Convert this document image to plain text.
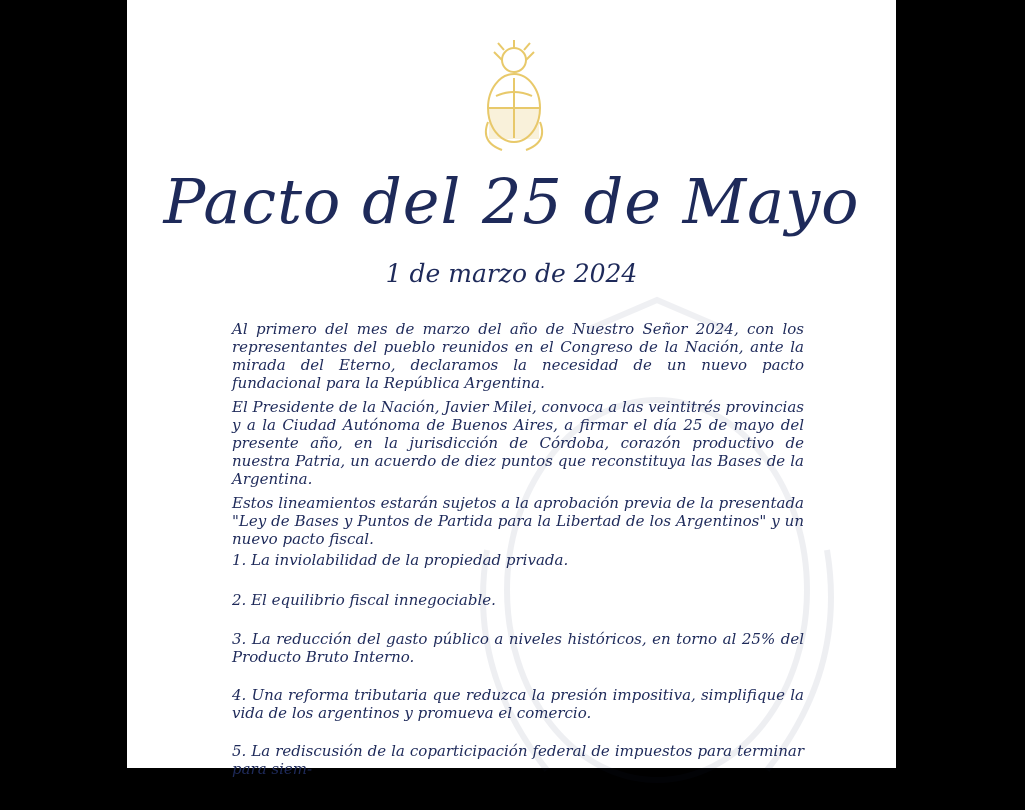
Pacto del 25 de Mayo
1 de marzo de 2024

Al primero del mes de marzo del año de Nuestro Señor 2024, con los representantes del pueblo reunidos en el Congreso de la Nación, ante la mirada del Eterno, declaramos la necesidad de un nuevo pacto fundacional para la República Argentina.

El Presidente de la Nación, Javier Milei, convoca a las veintitrés provincias y a la Ciudad Autónoma de Buenos Aires, a firmar el día 25 de mayo del presente año, en la jurisdicción de Córdoba, corazón productivo de nuestra Patria, un acuerdo de diez puntos que reconstituya las Bases de la Argentina.

Estos lineamientos estarán sujetos a la aprobación previa de la presentada "Ley de Bases y Puntos de Partida para la Libertad de los Argentinos" y un nuevo pacto fiscal.

1. La inviolabilidad de la propiedad privada.

2. El equilibrio fiscal innegociable.

3. La reducción del gasto público a niveles históricos, en torno al 25% del Producto Bruto Interno.

4. Una reforma tributaria que reduzca la presión impositiva, simplifique la vida de los argentinos y promueva el comercio.

5. La rediscusión de la coparticipación federal de impuestos para terminar para siem-
